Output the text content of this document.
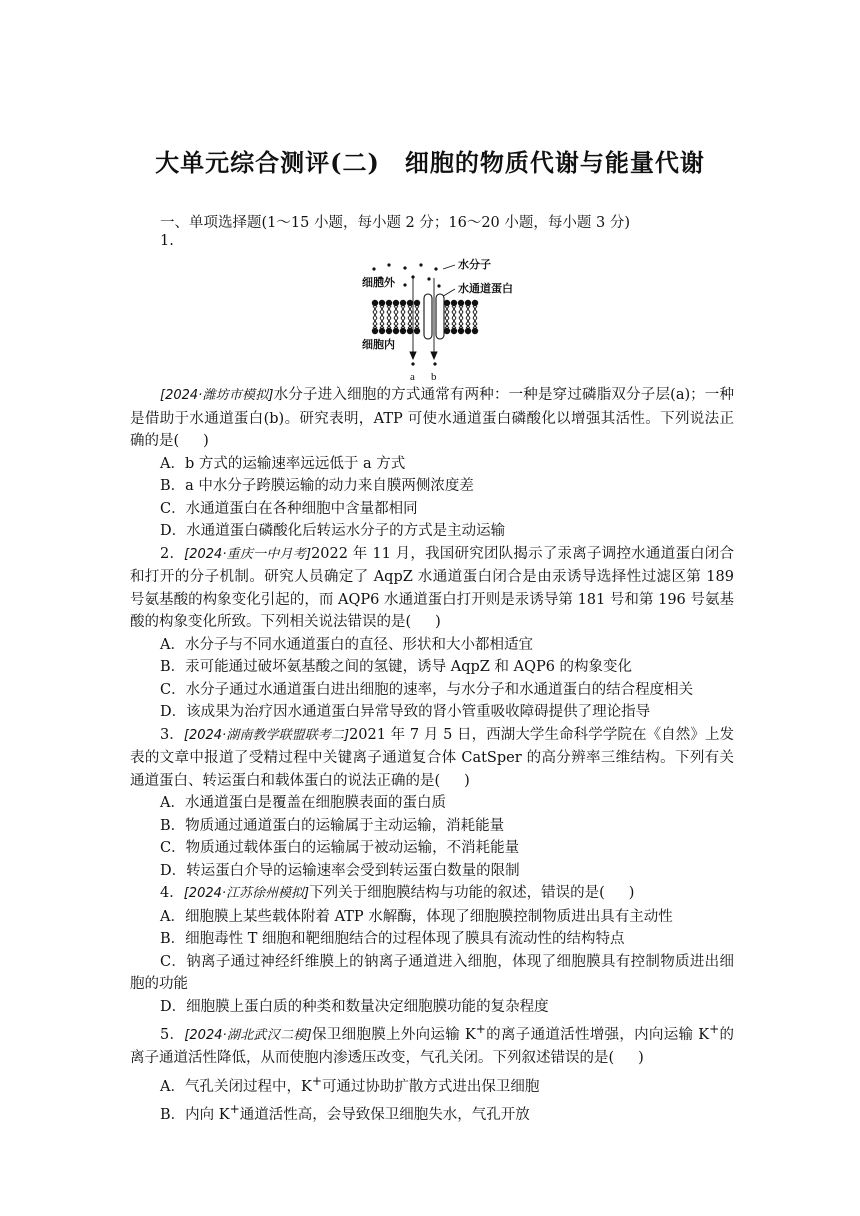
大单元综合测评(二)　细胞的物质代谢与能量代谢
一、单项选择题(1～15 小题，每小题 2 分；16～20 小题，每小题 3 分)
1.
水分子
细胞外	水通道蛋白
细胞内
a b

[2024·潍坊市模拟]水分子进入细胞的方式通常有两种：一种是穿过磷脂双分子层(a)；一种是借助于水通道蛋白(b)。研究表明，ATP 可使水通道蛋白磷酸化以增强其活性。下列说法正确的是( )

A．b 方式的运输速率远远低于 a 方式

B．a 中水分子跨膜运输的动力来自膜两侧浓度差

C．水通道蛋白在各种细胞中含量都相同

D．水通道蛋白磷酸化后转运水分子的方式是主动运输

2．[2024·重庆一中月考]2022 年 11 月，我国研究团队揭示了汞离子调控水通道蛋白闭合和打开的分子机制。研究人员确定了 AqpZ 水通道蛋白闭合是由汞诱导选择性过滤区第 189 号氨基酸的构象变化引起的，而 AQP6 水通道蛋白打开则是汞诱导第 181 号和第 196 号氨基酸的构象变化所致。下列相关说法错误的是( )

A．水分子与不同水通道蛋白的直径、形状和大小都相适宜

B．汞可能通过破坏氨基酸之间的氢键，诱导 AqpZ 和 AQP6 的构象变化

C．水分子通过水通道蛋白进出细胞的速率，与水分子和水通道蛋白的结合程度相关

D．该成果为治疗因水通道蛋白异常导致的肾小管重吸收障碍提供了理论指导

3．[2024·湖南教学联盟联考二]2021 年 7 月 5 日，西湖大学生命科学学院在《自然》上发表的文章中报道了受精过程中关键离子通道复合体 CatSper 的高分辨率三维结构。下列有关通道蛋白、转运蛋白和载体蛋白的说法正确的是( )

A．水通道蛋白是覆盖在细胞膜表面的蛋白质

B．物质通过通道蛋白的运输属于主动运输，消耗能量

C．物质通过载体蛋白的运输属于被动运输，不消耗能量

D．转运蛋白介导的运输速率会受到转运蛋白数量的限制

4．[2024·江苏徐州模拟]下列关于细胞膜结构与功能的叙述，错误的是( )

A．细胞膜上某些载体附着 ATP 水解酶，体现了细胞膜控制物质进出具有主动性

B．细胞毒性 T 细胞和靶细胞结合的过程体现了膜具有流动性的结构特点

C．钠离子通过神经纤维膜上的钠离子通道进入细胞，体现了细胞膜具有控制物质进出细胞的功能

D．细胞膜上蛋白质的种类和数量决定细胞膜功能的复杂程度

5．[2024·湖北武汉二模]保卫细胞膜上外向运输 K+的离子通道活性增强，内向运输 K+的离子通道活性降低，从而使胞内渗透压改变，气孔关闭。下列叙述错误的是( )

A．气孔关闭过程中，K+可通过协助扩散方式进出保卫细胞

B．内向 K+通道活性高，会导致保卫细胞失水，气孔开放
